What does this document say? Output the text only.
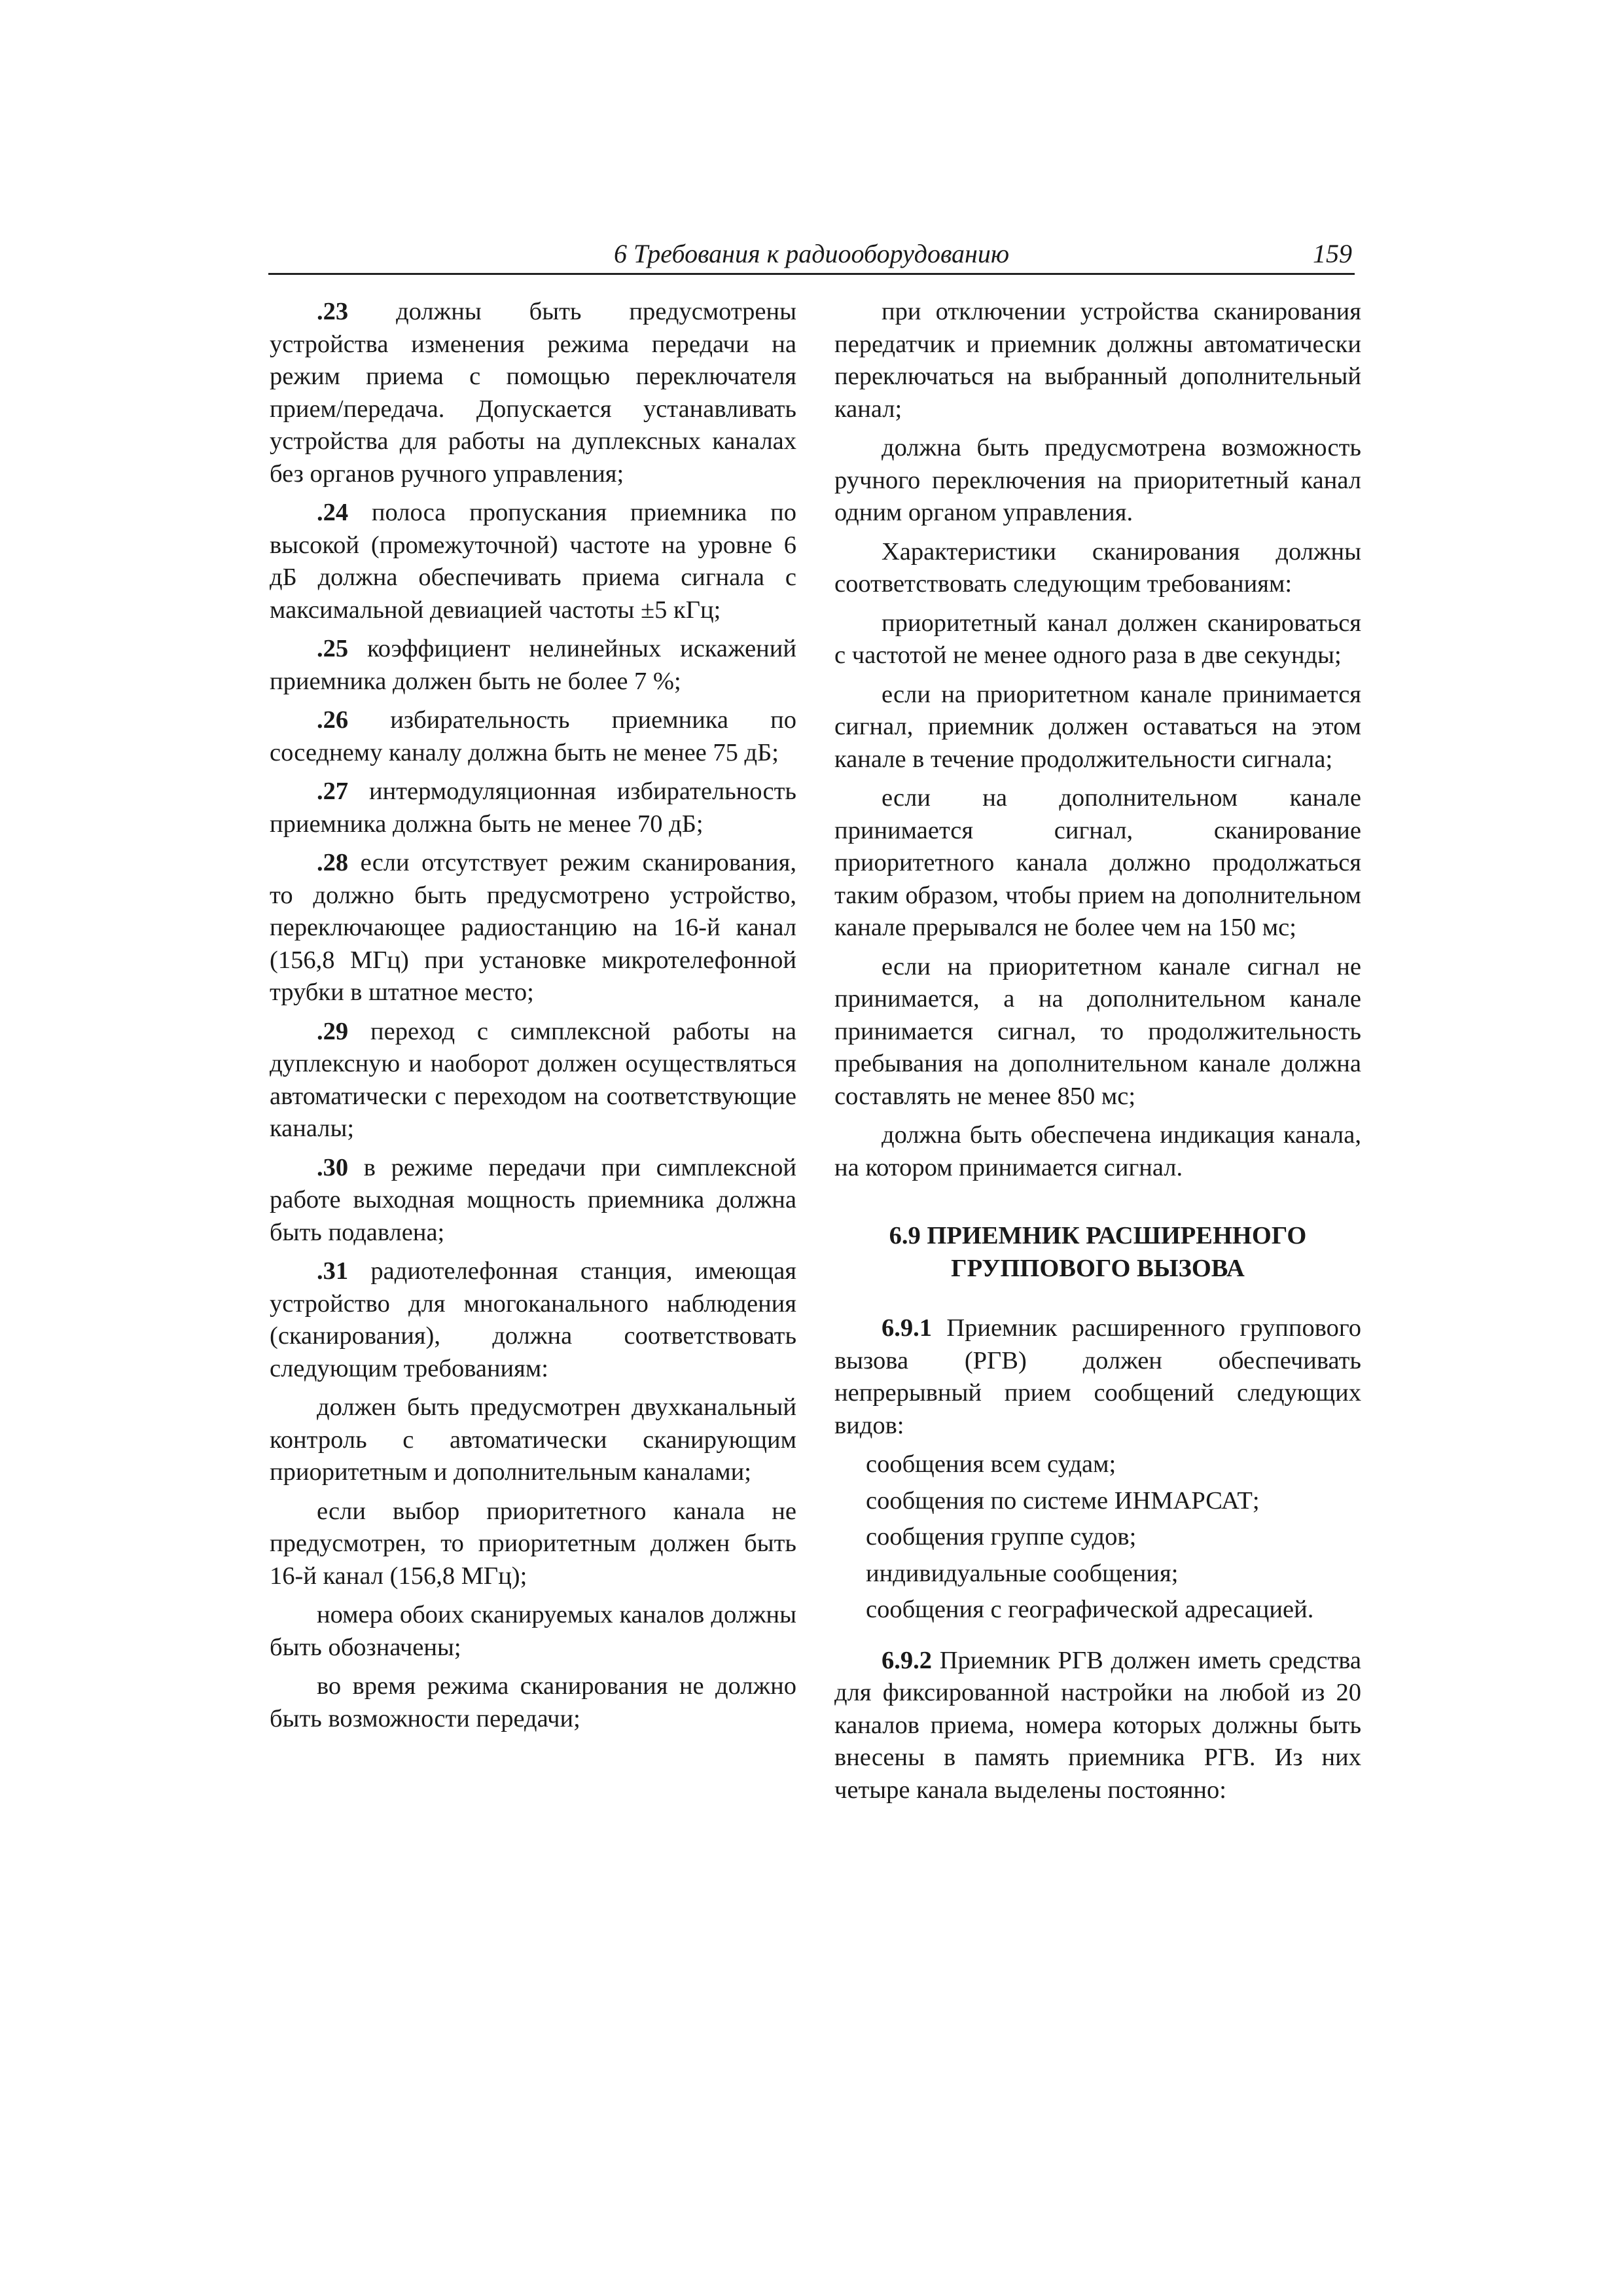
6 Требования к радиооборудованию	159

.23 должны быть предусмотрены устройства изменения режима передачи на режим приема с помощью переключателя прием/передача. Допускается устанавливать устройства для работы на дуплексных каналах без органов ручного управления;

.24 полоса пропускания приемника по высокой (промежуточной) частоте на уровне 6 дБ должна обеспечивать приема сигнала с максимальной девиацией частоты ±5 кГц;

.25 коэффициент нелинейных искажений приемника должен быть не более 7 %;

.26 избирательность приемника по соседнему каналу должна быть не менее 75 дБ;

.27 интермодуляционная избирательность приемника должна быть не менее 70 дБ;

.28 если отсутствует режим сканирования, то должно быть предусмотрено устройство, переключающее радиостанцию на 16-й канал (156,8 МГц) при установке микротелефонной трубки в штатное место;

.29 переход с симплексной работы на дуплексную и наоборот должен осуществляться автоматически с переходом на соответствующие каналы;

.30 в режиме передачи при симплексной работе выходная мощность приемника должна быть подавлена;

.31 радиотелефонная станция, имеющая устройство для многоканального наблюдения (сканирования), должна соответствовать следующим требованиям:

должен быть предусмотрен двухканальный контроль с автоматически сканирующим приоритетным и дополнительным каналами;

если выбор приоритетного канала не предусмотрен, то приоритетным должен быть 16-й канал (156,8 МГц);

номера обоих сканируемых каналов должны быть обозначены;

во время режима сканирования не должно быть возможности передачи;

при отключении устройства сканирования передатчик и приемник должны автоматически переключаться на выбранный дополнительный канал;

должна быть предусмотрена возможность ручного переключения на приоритетный канал одним органом управления.

Характеристики сканирования должны соответствовать следующим требованиям:

приоритетный канал должен сканироваться с частотой не менее одного раза в две секунды;

если на приоритетном канале принимается сигнал, приемник должен оставаться на этом канале в течение продолжительности сигнала;

если на дополнительном канале принимается сигнал, сканирование приоритетного канала должно продолжаться таким образом, чтобы прием на дополнительном канале прерывался не более чем на 150 мс;

если на приоритетном канале сигнал не принимается, а на дополнительном канале принимается сигнал, то продолжительность пребывания на дополнительном канале должна составлять не менее 850 мс;

должна быть обеспечена индикация канала, на котором принимается сигнал.

6.9 ПРИЕМНИК РАСШИРЕННОГО
ГРУППОВОГО ВЫЗОВА

6.9.1 Приемник расширенного группового вызова (РГВ) должен обеспечивать непрерывный прием сообщений следующих видов:

сообщения всем судам;

сообщения по системе ИНМАРСАТ;

сообщения группе судов;

индивидуальные сообщения;

сообщения с географической адресацией.

6.9.2 Приемник РГВ должен иметь средства для фиксированной настройки на любой из 20 каналов приема, номера которых должны быть внесены в память приемника РГВ. Из них четыре канала выделены постоянно:
